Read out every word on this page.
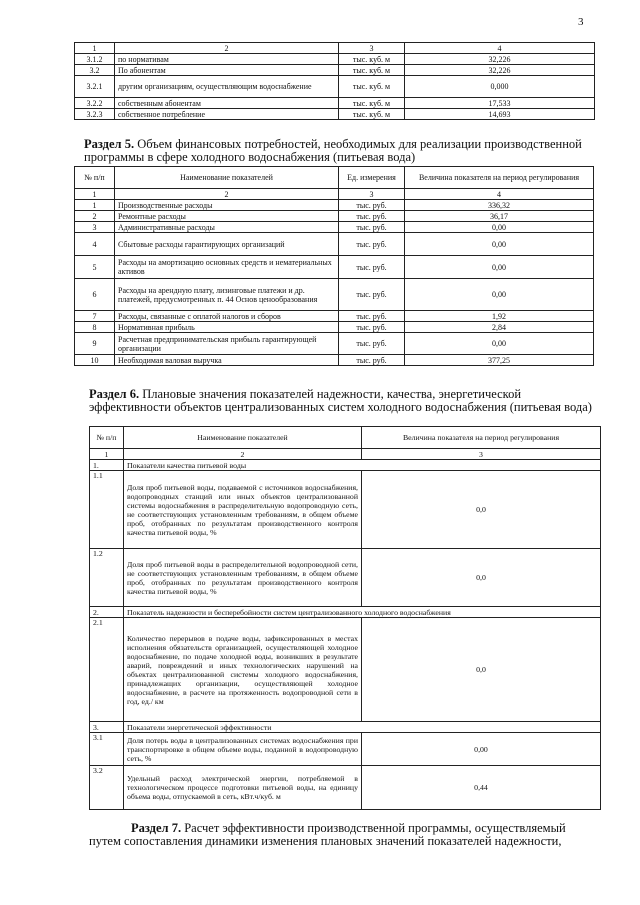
3
1	2	3	4
3.1.2	по нормативам	тыс. куб. м	32,226
3.2	По абонентам	тыс. куб. м	32,226
3.2.1	другим организациям, осуществляющим водоснабжение	тыс. куб. м	0,000
3.2.2	собственным абонентам	тыс. куб. м	17,533
3.2.3	собственное потребление	тыс. куб. м	14,693
Раздел 5. Объем финансовых потребностей, необходимых для реализации производственной программы в сфере холодного водоснабжения (питьевая вода)
№ п/п	Наименование показателей	Ед. измерения	Величина показателя на период регулирования
1	2	3	4
1	Производственные расходы	тыс. руб.	336,32
2	Ремонтные расходы	тыс. руб.	36,17
3	Административные расходы	тыс. руб.	0,00
4	Сбытовые расходы гарантирующих организаций	тыс. руб.	0,00
5	Расходы на амортизацию основных средств и нематериальных активов	тыс. руб.	0,00
6	Расходы на арендную плату, лизинговые платежи и др. платежей, предусмотренных п. 44 Основ ценообразования	тыс. руб.	0,00
7	Расходы, связанные с оплатой налогов и сборов	тыс. руб.	1,92
8	Нормативная прибыль	тыс. руб.	2,84
9	Расчетная предпринимательская прибыль гарантирующей организации	тыс. руб.	0,00
10	Необходимая валовая выручка	тыс. руб.	377,25
Раздел 6. Плановые значения показателей надежности, качества, энергетической эффективности объектов централизованных систем холодного водоснабжения (питьевая вода)
№ п/п	Наименование показателей	Величина показателя на период регулирования
1	2	3
1.	Показатели качества питьевой воды	
1.1	Доля проб питьевой воды, подаваемой с источников водоснабжения, водопроводных станций или иных объектов централизованной системы водоснабжения в распределительную водопроводную сеть, не соответствующих установленным требованиям, в общем объеме проб, отобранных по результатам производственного контроля качества питьевой воды, %	0,0
1.2	Доля проб питьевой воды в распределительной водопроводной сети, не соответствующих установленным требованиям, в общем объеме проб, отобранных по результатам производственного контроля качества питьевой воды, %	0,0
2.	Показатель надежности и бесперебойности систем централизованного холодного водоснабжения	
2.1	Количество перерывов в подаче воды, зафиксированных в местах исполнения обязательств организацией, осуществляющей холодное водоснабжение, по подаче холодной воды, возникших в результате аварий, повреждений и иных технологических нарушений на объектах централизованной системы холодного водоснабжения, принадлежащих организации, осуществляющей холодное водоснабжение, в расчете на протяженность водопроводной сети в год, ед./ км	0,0
3.	Показатели энергетической эффективности	
3.1	Доля потерь воды в централизованных системах водоснабжения при транспортировке в общем объеме воды, поданной в водопроводную сеть, %	0,00
3.2	Удельный расход электрической энергии, потребляемой в технологическом процессе подготовки питьевой воды, на единицу объема воды, отпускаемой в сеть, кВт.ч/куб. м	0,44
Раздел 7. Расчет эффективности производственной программы, осуществляемый путем сопоставления динамики изменения плановых значений показателей надежности,
